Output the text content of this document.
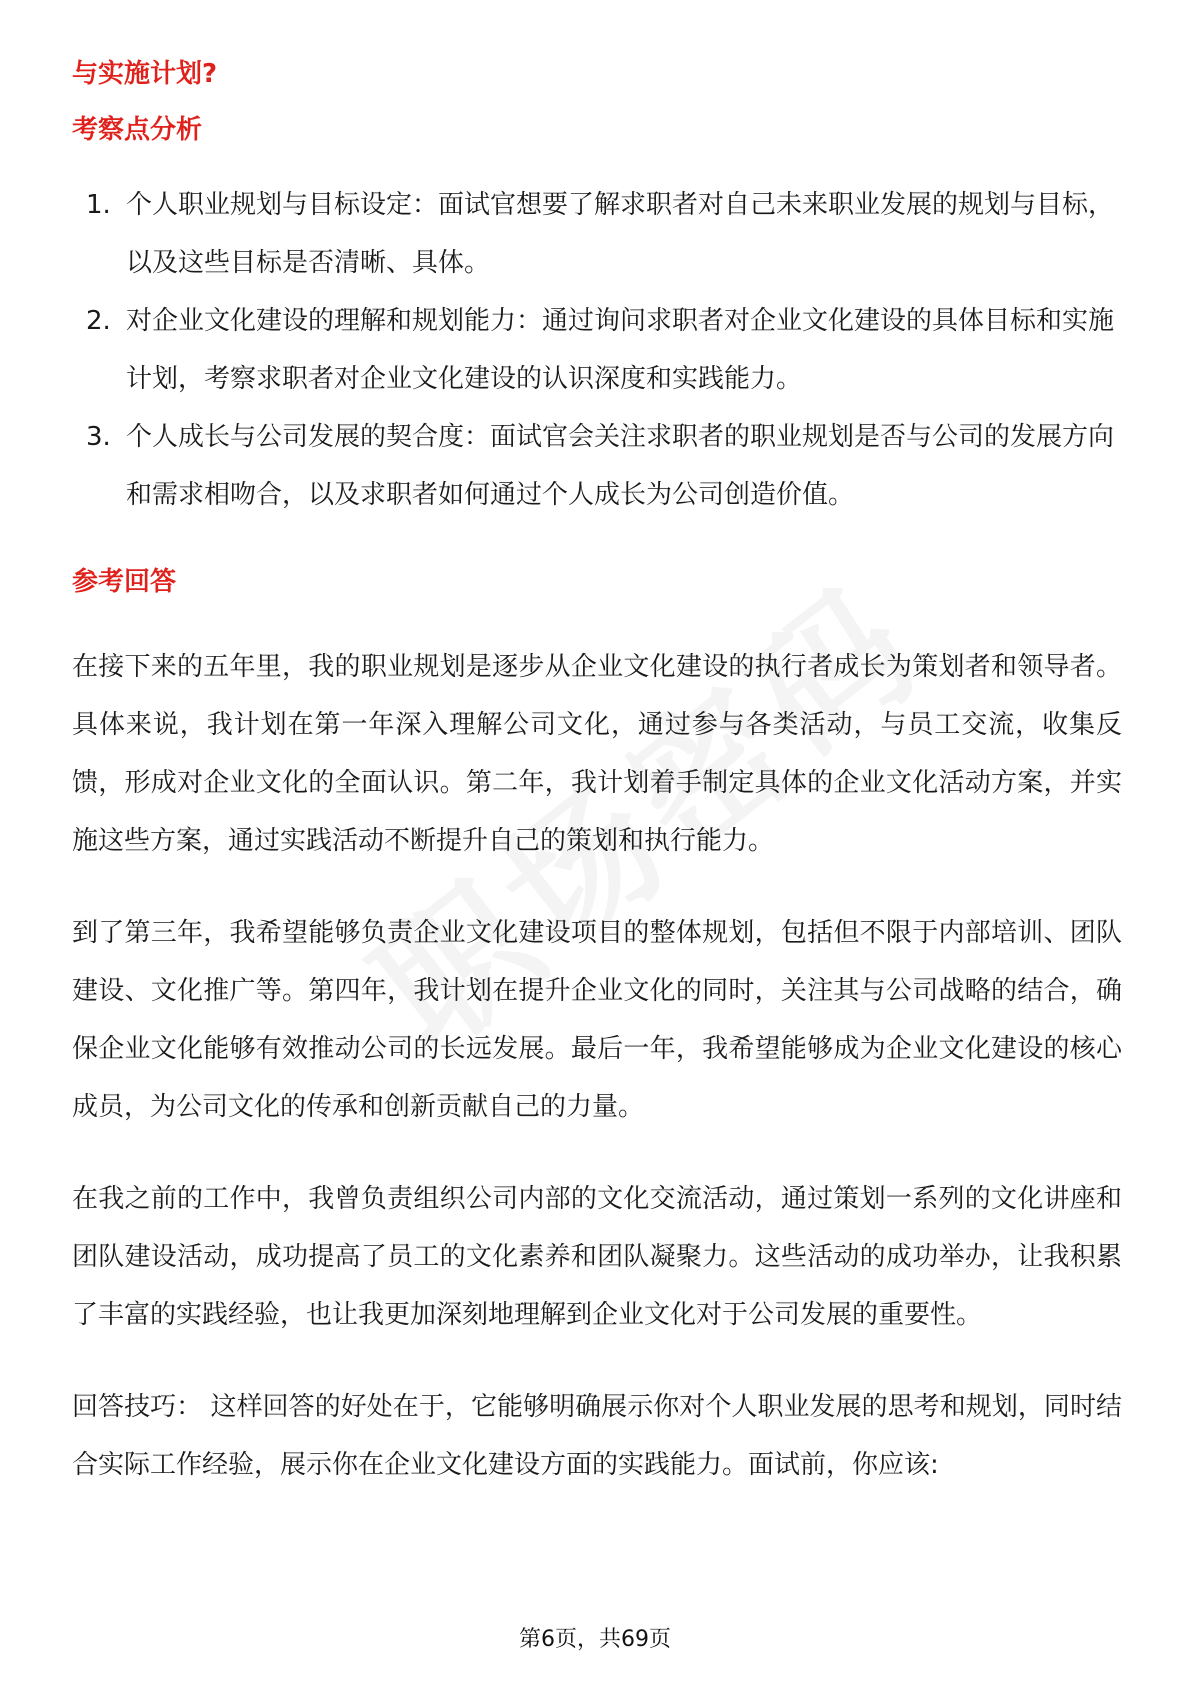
与实施计划?
考察点分析
1. 个人职业规划与目标设定：面试官想要了解求职者对自己未来职业发展的规划与目标，以及这些目标是否清晰、具体。
2. 对企业文化建设的理解和规划能力：通过询问求职者对企业文化建设的具体目标和实施计划，考察求职者对企业文化建设的认识深度和实践能力。
3. 个人成长与公司发展的契合度：面试官会关注求职者的职业规划是否与公司的发展方向和需求相吻合，以及求职者如何通过个人成长为公司创造价值。
参考回答

在接下来的五年里，我的职业规划是逐步从企业文化建设的执行者成长为策划者和领导者。具体来说，我计划在第一年深入理解公司文化，通过参与各类活动，与员工交流，收集反馈，形成对企业文化的全面认识。第二年，我计划着手制定具体的企业文化活动方案，并实施这些方案，通过实践活动不断提升自己的策划和执行能力。

到了第三年，我希望能够负责企业文化建设项目的整体规划，包括但不限于内部培训、团队建设、文化推广等。第四年，我计划在提升企业文化的同时，关注其与公司战略的结合，确保企业文化能够有效推动公司的长远发展。最后一年，我希望能够成为企业文化建设的核心成员，为公司文化的传承和创新贡献自己的力量。

在我之前的工作中，我曾负责组织公司内部的文化交流活动，通过策划一系列的文化讲座和团队建设活动，成功提高了员工的文化素养和团队凝聚力。这些活动的成功举办，让我积累了丰富的实践经验，也让我更加深刻地理解到企业文化对于公司发展的重要性。

回答技巧： 这样回答的好处在于，它能够明确展示你对个人职业发展的思考和规划，同时结合实际工作经验，展示你在企业文化建设方面的实践能力。面试前，你应该:

第6页，共69页
